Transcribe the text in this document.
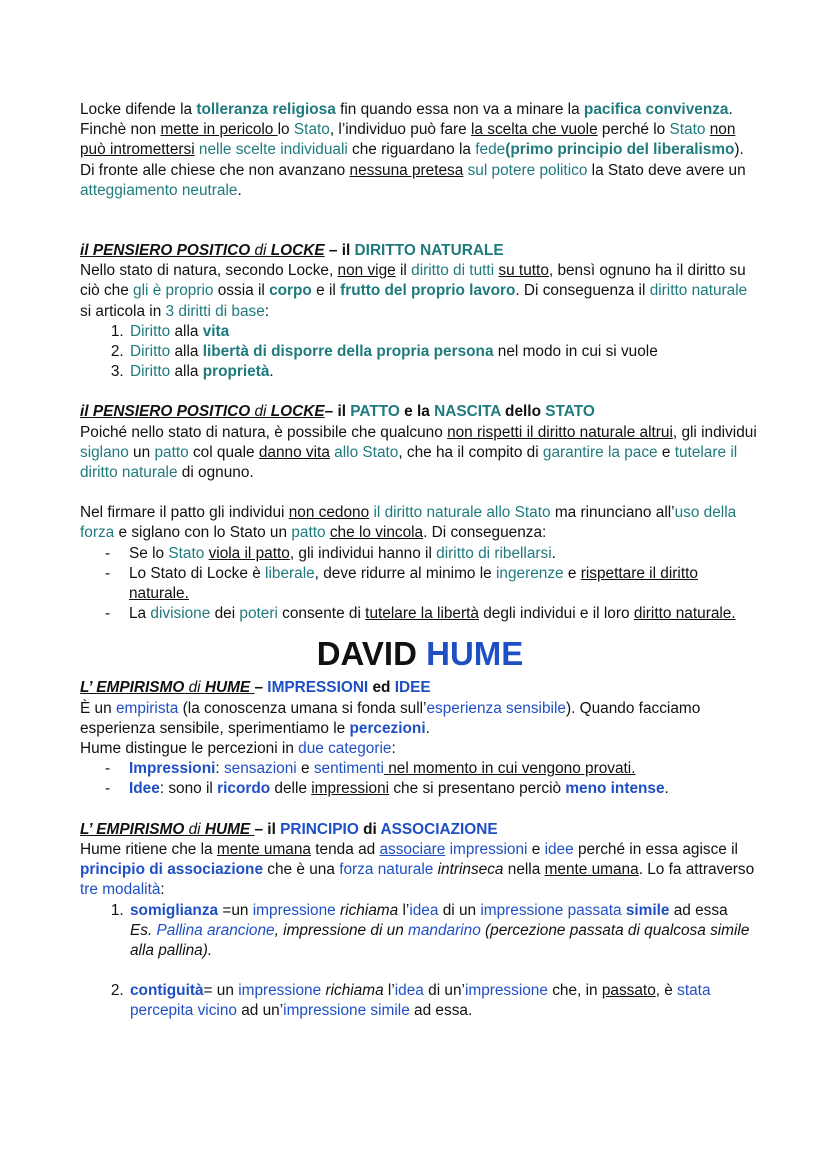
Locke difende la tolleranza religiosa fin quando essa non va a minare la pacifica convivenza. Finchè non mette in pericolo lo Stato, l’individuo può fare la scelta che vuole perché lo Stato non può intromettersi nelle scelte individuali che riguardano la fede(primo principio del liberalismo).

Di fronte alle chiese che non avanzano nessuna pretesa sul potere politico la Stato deve avere un atteggiamento neutrale.

il PENSIERO POSITICO di LOCKE – il DIRITTO NATURALE

Nello stato di natura, secondo Locke, non vige il diritto di tutti su tutto, bensì ognuno ha il diritto su ciò che gli è proprio ossia il corpo e il frutto del proprio lavoro. Di conseguenza il diritto naturale si articola in 3 diritti di base:

1. Diritto alla vita
2. Diritto alla libertà di disporre della propria persona nel modo in cui si vuole
3. Diritto alla proprietà.

il PENSIERO POSITICO di LOCKE– il PATTO e la NASCITA dello STATO

Poiché nello stato di natura, è possibile che qualcuno non rispetti il diritto naturale altrui, gli individui siglano un patto col quale danno vita allo Stato, che ha il compito di garantire la pace e tutelare il diritto naturale di ognuno.

Nel firmare il patto gli individui non cedono il diritto naturale allo Stato ma rinunciano all’uso della forza e siglano con lo Stato un patto che lo vincola. Di conseguenza:

- Se lo Stato viola il patto, gli individui hanno il diritto di ribellarsi.
- Lo Stato di Locke è liberale, deve ridurre al minimo le ingerenze e rispettare il diritto naturale.
- La divisione dei poteri consente di tutelare la libertà degli individui e il loro diritto naturale.

DAVID HUME

L’ EMPIRISMO di HUME – IMPRESSIONI ed IDEE

È un empirista (la conoscenza umana si fonda sull’esperienza sensibile). Quando facciamo esperienza sensibile, sperimentiamo le percezioni.

Hume distingue le percezioni in due categorie:

- Impressioni: sensazioni e sentimenti nel momento in cui vengono provati.
- Idee: sono il ricordo delle impressioni che si presentano perciò meno intense.

L’ EMPIRISMO di HUME – il PRINCIPIO di ASSOCIAZIONE

Hume ritiene che la mente umana tenda ad associare impressioni e idee perché in essa agisce il principio di associazione che è una forza naturale intrinseca nella mente umana. Lo fa attraverso tre modalità:

1. somiglianza =un impressione richiama l’idea di un impressione passata simile ad essa
Es. Pallina arancione, impressione di un mandarino (percezione passata di qualcosa simile alla pallina).
2. contiguità= un impressione richiama l’idea di un’impressione che, in passato, è stata percepita vicino ad un’impressione simile ad essa.
